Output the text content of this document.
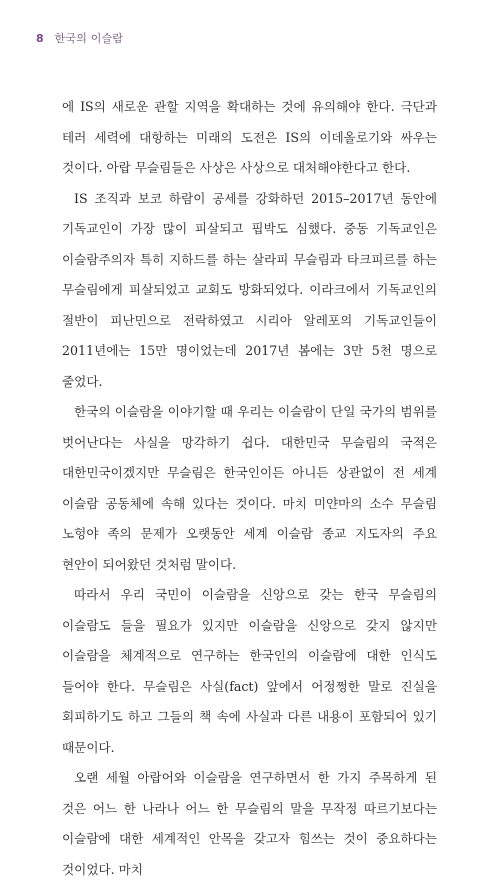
8 한국의 이슬람

에 IS의 새로운 관할 지역을 확대하는 것에 유의해야 한다. 극단과 테러 세력에 대항하는 미래의 도전은 IS의 이데올로기와 싸우는 것이다. 아랍 무슬림들은 사상은 사상으로 대처해야한다고 한다.

IS 조직과 보코 하람이 공세를 강화하던 2015–2017년 동안에 기독교인이 가장 많이 피살되고 핍박도 심했다. 중동 기독교인은 이슬람주의자 특히 지하드를 하는 살라피 무슬림과 타크피르를 하는 무슬림에게 피살되었고 교회도 방화되었다. 이라크에서 기독교인의 절반이 피난민으로 전락하였고 시리아 알레포의 기독교인들이 2011년에는 15만 명이었는데 2017년 봄에는 3만 5천 명으로 줄었다.

한국의 이슬람을 이야기할 때 우리는 이슬람이 단일 국가의 범위를 벗어난다는 사실을 망각하기 쉽다. 대한민국 무슬림의 국적은 대한민국이겠지만 무슬림은 한국인이든 아니든 상관없이 전 세계 이슬람 공동체에 속해 있다는 것이다. 마치 미얀마의 소수 무슬림 노헝야 족의 문제가 오랫동안 세계 이슬람 종교 지도자의 주요 현안이 되어왔던 것처럼 말이다.

따라서 우리 국민이 이슬람을 신앙으로 갖는 한국 무슬림의 이슬람도 들을 필요가 있지만 이슬람을 신앙으로 갖지 않지만 이슬람을 체계적으로 연구하는 한국인의 이슬람에 대한 인식도 들어야 한다. 무슬림은 사실(fact) 앞에서 어정쩡한 말로 진실을 회피하기도 하고 그들의 책 속에 사실과 다른 내용이 포함되어 있기 때문이다.

오랜 세월 아랍어와 이슬람을 연구하면서 한 가지 주목하게 된 것은 어느 한 나라나 어느 한 무슬림의 말을 무작정 따르기보다는 이슬람에 대한 세계적인 안목을 갖고자 힘쓰는 것이 중요하다는 것이었다. 마치
